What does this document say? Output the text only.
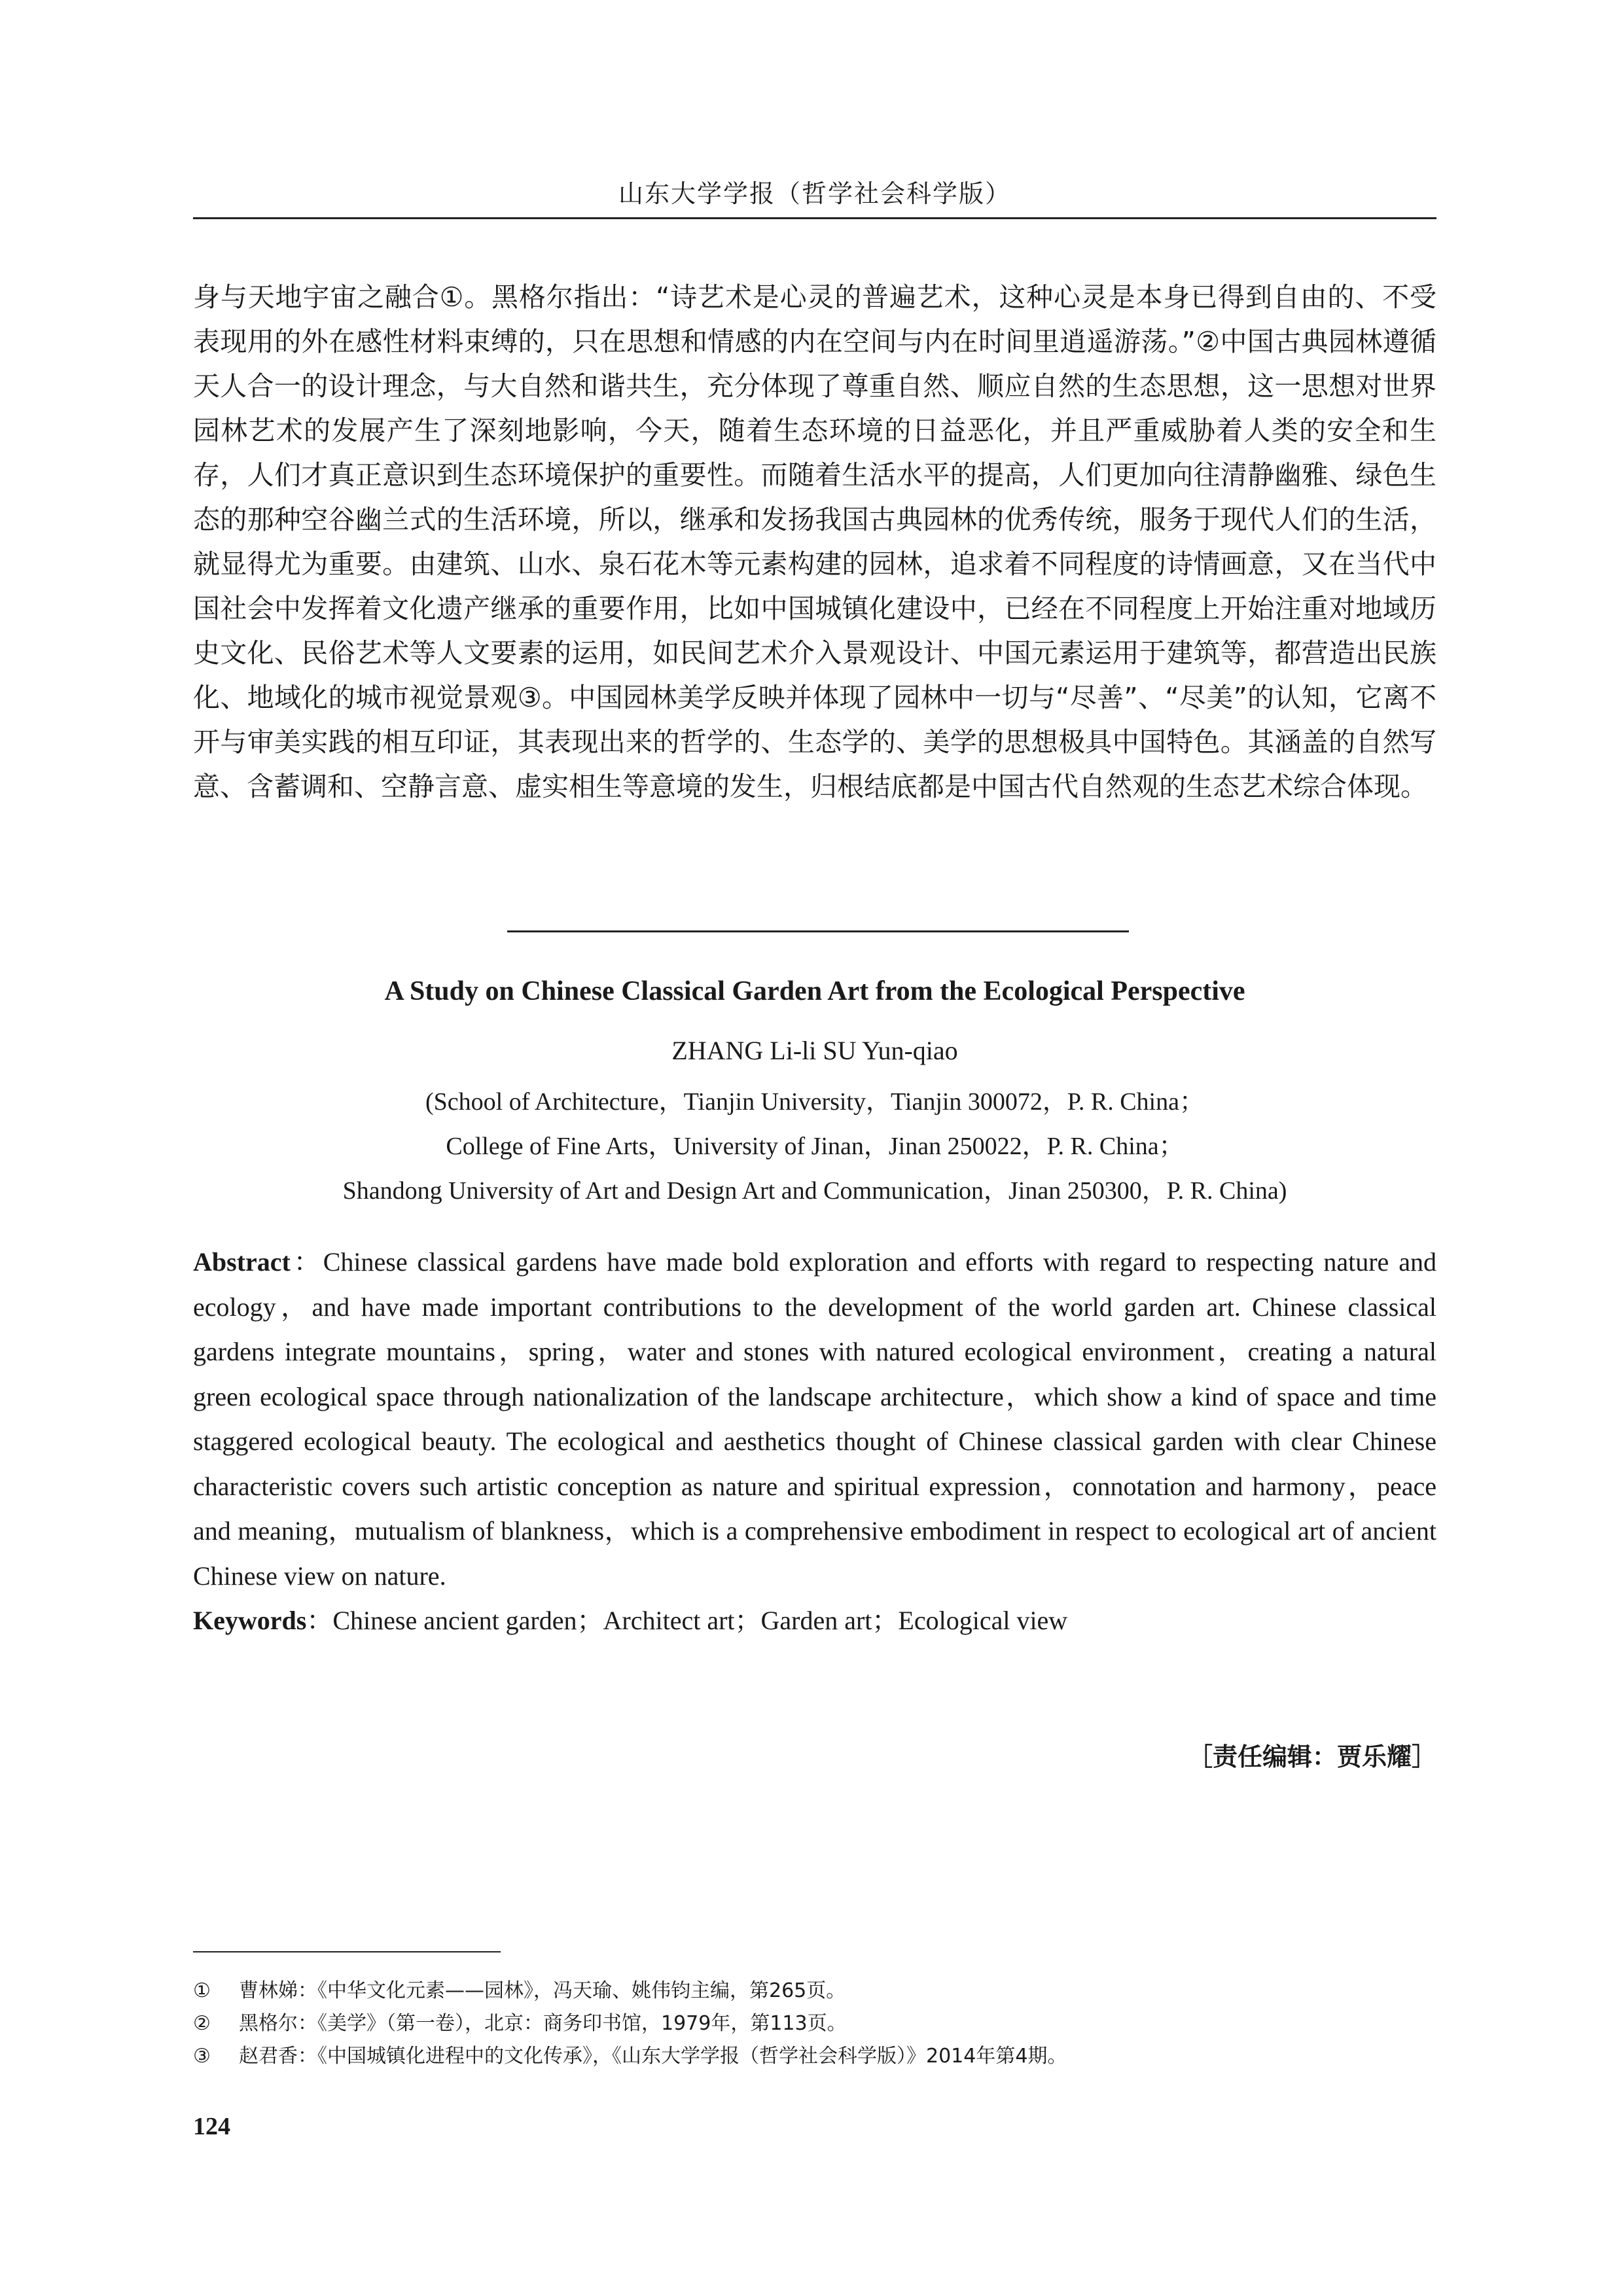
山东大学学报（哲学社会科学版）

身与天地宇宙之融合①。黑格尔指出：“诗艺术是心灵的普遍艺术，这种心灵是本身已得到自由的、不受表现用的外在感性材料束缚的，只在思想和情感的内在空间与内在时间里逍遥游荡。”②中国古典园林遵循天人合一的设计理念，与大自然和谐共生，充分体现了尊重自然、顺应自然的生态思想，这一思想对世界园林艺术的发展产生了深刻地影响，今天，随着生态环境的日益恶化，并且严重威胁着人类的安全和生存，人们才真正意识到生态环境保护的重要性。而随着生活水平的提高，人们更加向往清静幽雅、绿色生态的那种空谷幽兰式的生活环境，所以，继承和发扬我国古典园林的优秀传统，服务于现代人们的生活，就显得尤为重要。由建筑、山水、泉石花木等元素构建的园林，追求着不同程度的诗情画意，又在当代中国社会中发挥着文化遗产继承的重要作用，比如中国城镇化建设中，已经在不同程度上开始注重对地域历史文化、民俗艺术等人文要素的运用，如民间艺术介入景观设计、中国元素运用于建筑等，都营造出民族化、地域化的城市视觉景观③。中国园林美学反映并体现了园林中一切与“尽善”、“尽美”的认知，它离不开与审美实践的相互印证，其表现出来的哲学的、生态学的、美学的思想极具中国特色。其涵盖的自然写意、含蓄调和、空静言意、虚实相生等意境的发生，归根结底都是中国古代自然观的生态艺术综合体现。

A Study on Chinese Classical Garden Art from the Ecological Perspective
ZHANG Li-li SU Yun-qiao
(School of Architecture，Tianjin University，Tianjin 300072，P. R. China；
College of Fine Arts，University of Jinan，Jinan 250022，P. R. China；
Shandong University of Art and Design Art and Communication，Jinan 250300，P. R. China)

Abstract：Chinese classical gardens have made bold exploration and efforts with regard to respecting nature and ecology，and have made important contributions to the development of the world garden art. Chinese classical gardens integrate mountains，spring，water and stones with natured ecological environment，creating a natural green ecological space through nationalization of the landscape architecture，which show a kind of space and time staggered ecological beauty. The ecological and aesthetics thought of Chinese classical garden with clear Chinese characteristic covers such artistic conception as nature and spiritual expression，connotation and harmony，peace and meaning，mutualism of blankness，which is a comprehensive embodiment in respect to ecological art of ancient Chinese view on nature.

Keywords：Chinese ancient garden；Architect art；Garden art；Ecological view

［责任编辑：贾乐耀］
①	曹林娣：《中华文化元素——园林》，冯天瑜、姚伟钧主编，第265页。
②	黑格尔：《美学》（第一卷），北京：商务印书馆，1979年，第113页。
③	赵君香：《中国城镇化进程中的文化传承》，《山东大学学报（哲学社会科学版）》2014年第4期。
124
